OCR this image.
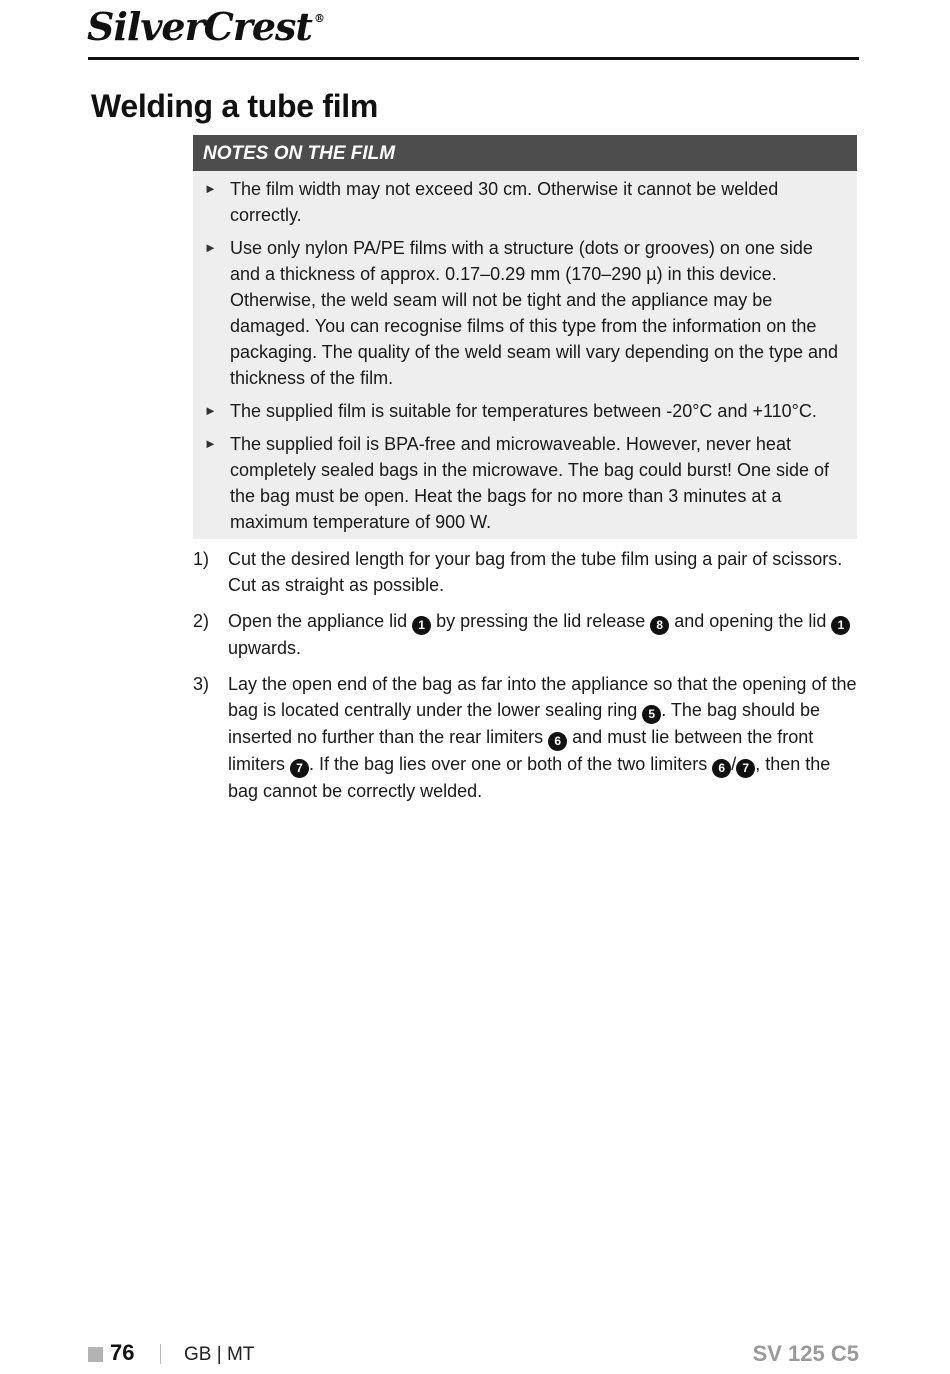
SilverCrest ®
Welding a tube film
NOTES ON THE FILM
► The film width may not exceed 30 cm. Otherwise it cannot be welded correctly.
► Use only nylon PA/PE films with a structure (dots or grooves) on one side and a thickness of approx. 0.17–0.29 mm (170–290 µ) in this device. Otherwise, the weld seam will not be tight and the appliance may be damaged. You can recognise films of this type from the information on the packaging. The quality of the weld seam will vary depending on the type and thickness of the film.
► The supplied film is suitable for temperatures between -20°C and +110°C.
► The supplied foil is BPA-free and microwaveable. However, never heat completely sealed bags in the microwave. The bag could burst! One side of the bag must be open. Heat the bags for no more than 3 minutes at a maximum temperature of 900 W.
1) Cut the desired length for your bag from the tube film using a pair of scissors. Cut as straight as possible.
2) Open the appliance lid 1 by pressing the lid release 8 and opening the lid 1 upwards.
3) Lay the open end of the bag as far into the appliance so that the opening of the bag is located centrally under the lower sealing ring 5 . The bag should be inserted no further than the rear limiters 6 and must lie between the front limiters 7 . If the bag lies over one or both of the two limiters 6 / 7 , then the bag cannot be correctly welded.
76	GB | MT	SV 125 C5
